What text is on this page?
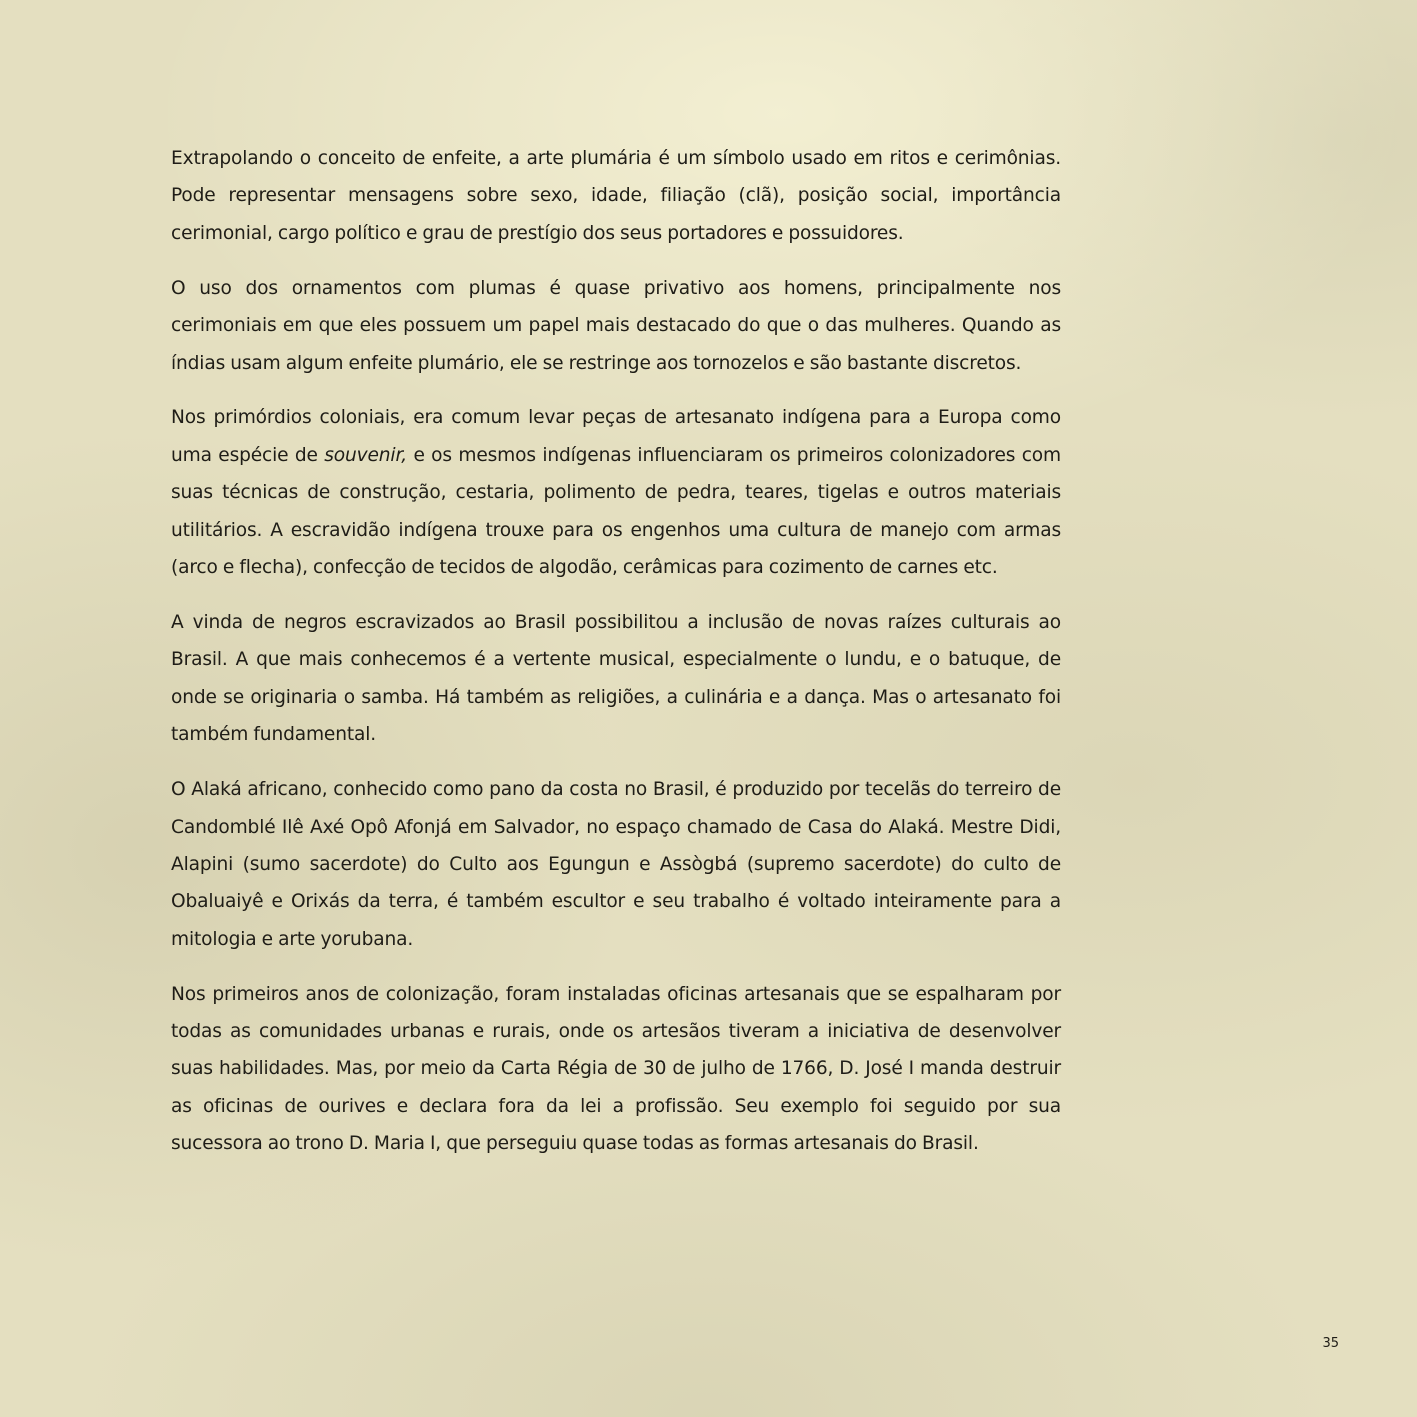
Extrapolando o conceito de enfeite, a arte plumária é um símbolo usado em ritos e cerimônias. Pode representar mensagens sobre sexo, idade, filiação (clã), posição social, importância cerimonial, cargo político e grau de prestígio dos seus portadores e possuidores.

O uso dos ornamentos com plumas é quase privativo aos homens, principalmente nos cerimoniais em que eles possuem um papel mais destacado do que o das mulheres. Quando as índias usam algum enfeite plumário, ele se restringe aos tornozelos e são bastante discretos.

Nos primórdios coloniais, era comum levar peças de artesanato indígena para a Europa como uma espécie de souvenir, e os mesmos indígenas influenciaram os primeiros colonizadores com suas técnicas de construção, cestaria, polimento de pedra, teares, tigelas e outros materiais utilitários. A escravidão indígena trouxe para os engenhos uma cultura de manejo com armas (arco e flecha), confecção de tecidos de algodão, cerâmicas para cozimento de carnes etc.

A vinda de negros escravizados ao Brasil possibilitou a inclusão de novas raízes culturais ao Brasil. A que mais conhecemos é a vertente musical, especialmente o lundu, e o batuque, de onde se originaria o samba. Há também as religiões, a culinária e a dança. Mas o artesanato foi também fundamental.

O Alaká africano, conhecido como pano da costa no Brasil, é produzido por tecelãs do terreiro de Candomblé Ilê Axé Opô Afonjá em Salvador, no espaço chamado de Casa do Alaká. Mestre Didi, Alapini (sumo sacerdote) do Culto aos Egungun e Assògbá (supremo sacerdote) do culto de Obaluaiyê e Orixás da terra, é também escultor e seu trabalho é voltado inteiramente para a mitologia e arte yorubana.

Nos primeiros anos de colonização, foram instaladas oficinas artesanais que se espalharam por todas as comunidades urbanas e rurais, onde os artesãos tiveram a iniciativa de desenvolver suas habilidades. Mas, por meio da Carta Régia de 30 de julho de 1766, D. José I manda destruir as oficinas de ourives e declara fora da lei a profissão. Seu exemplo foi seguido por sua sucessora ao trono D. Maria I, que perseguiu quase todas as formas artesanais do Brasil.

35
